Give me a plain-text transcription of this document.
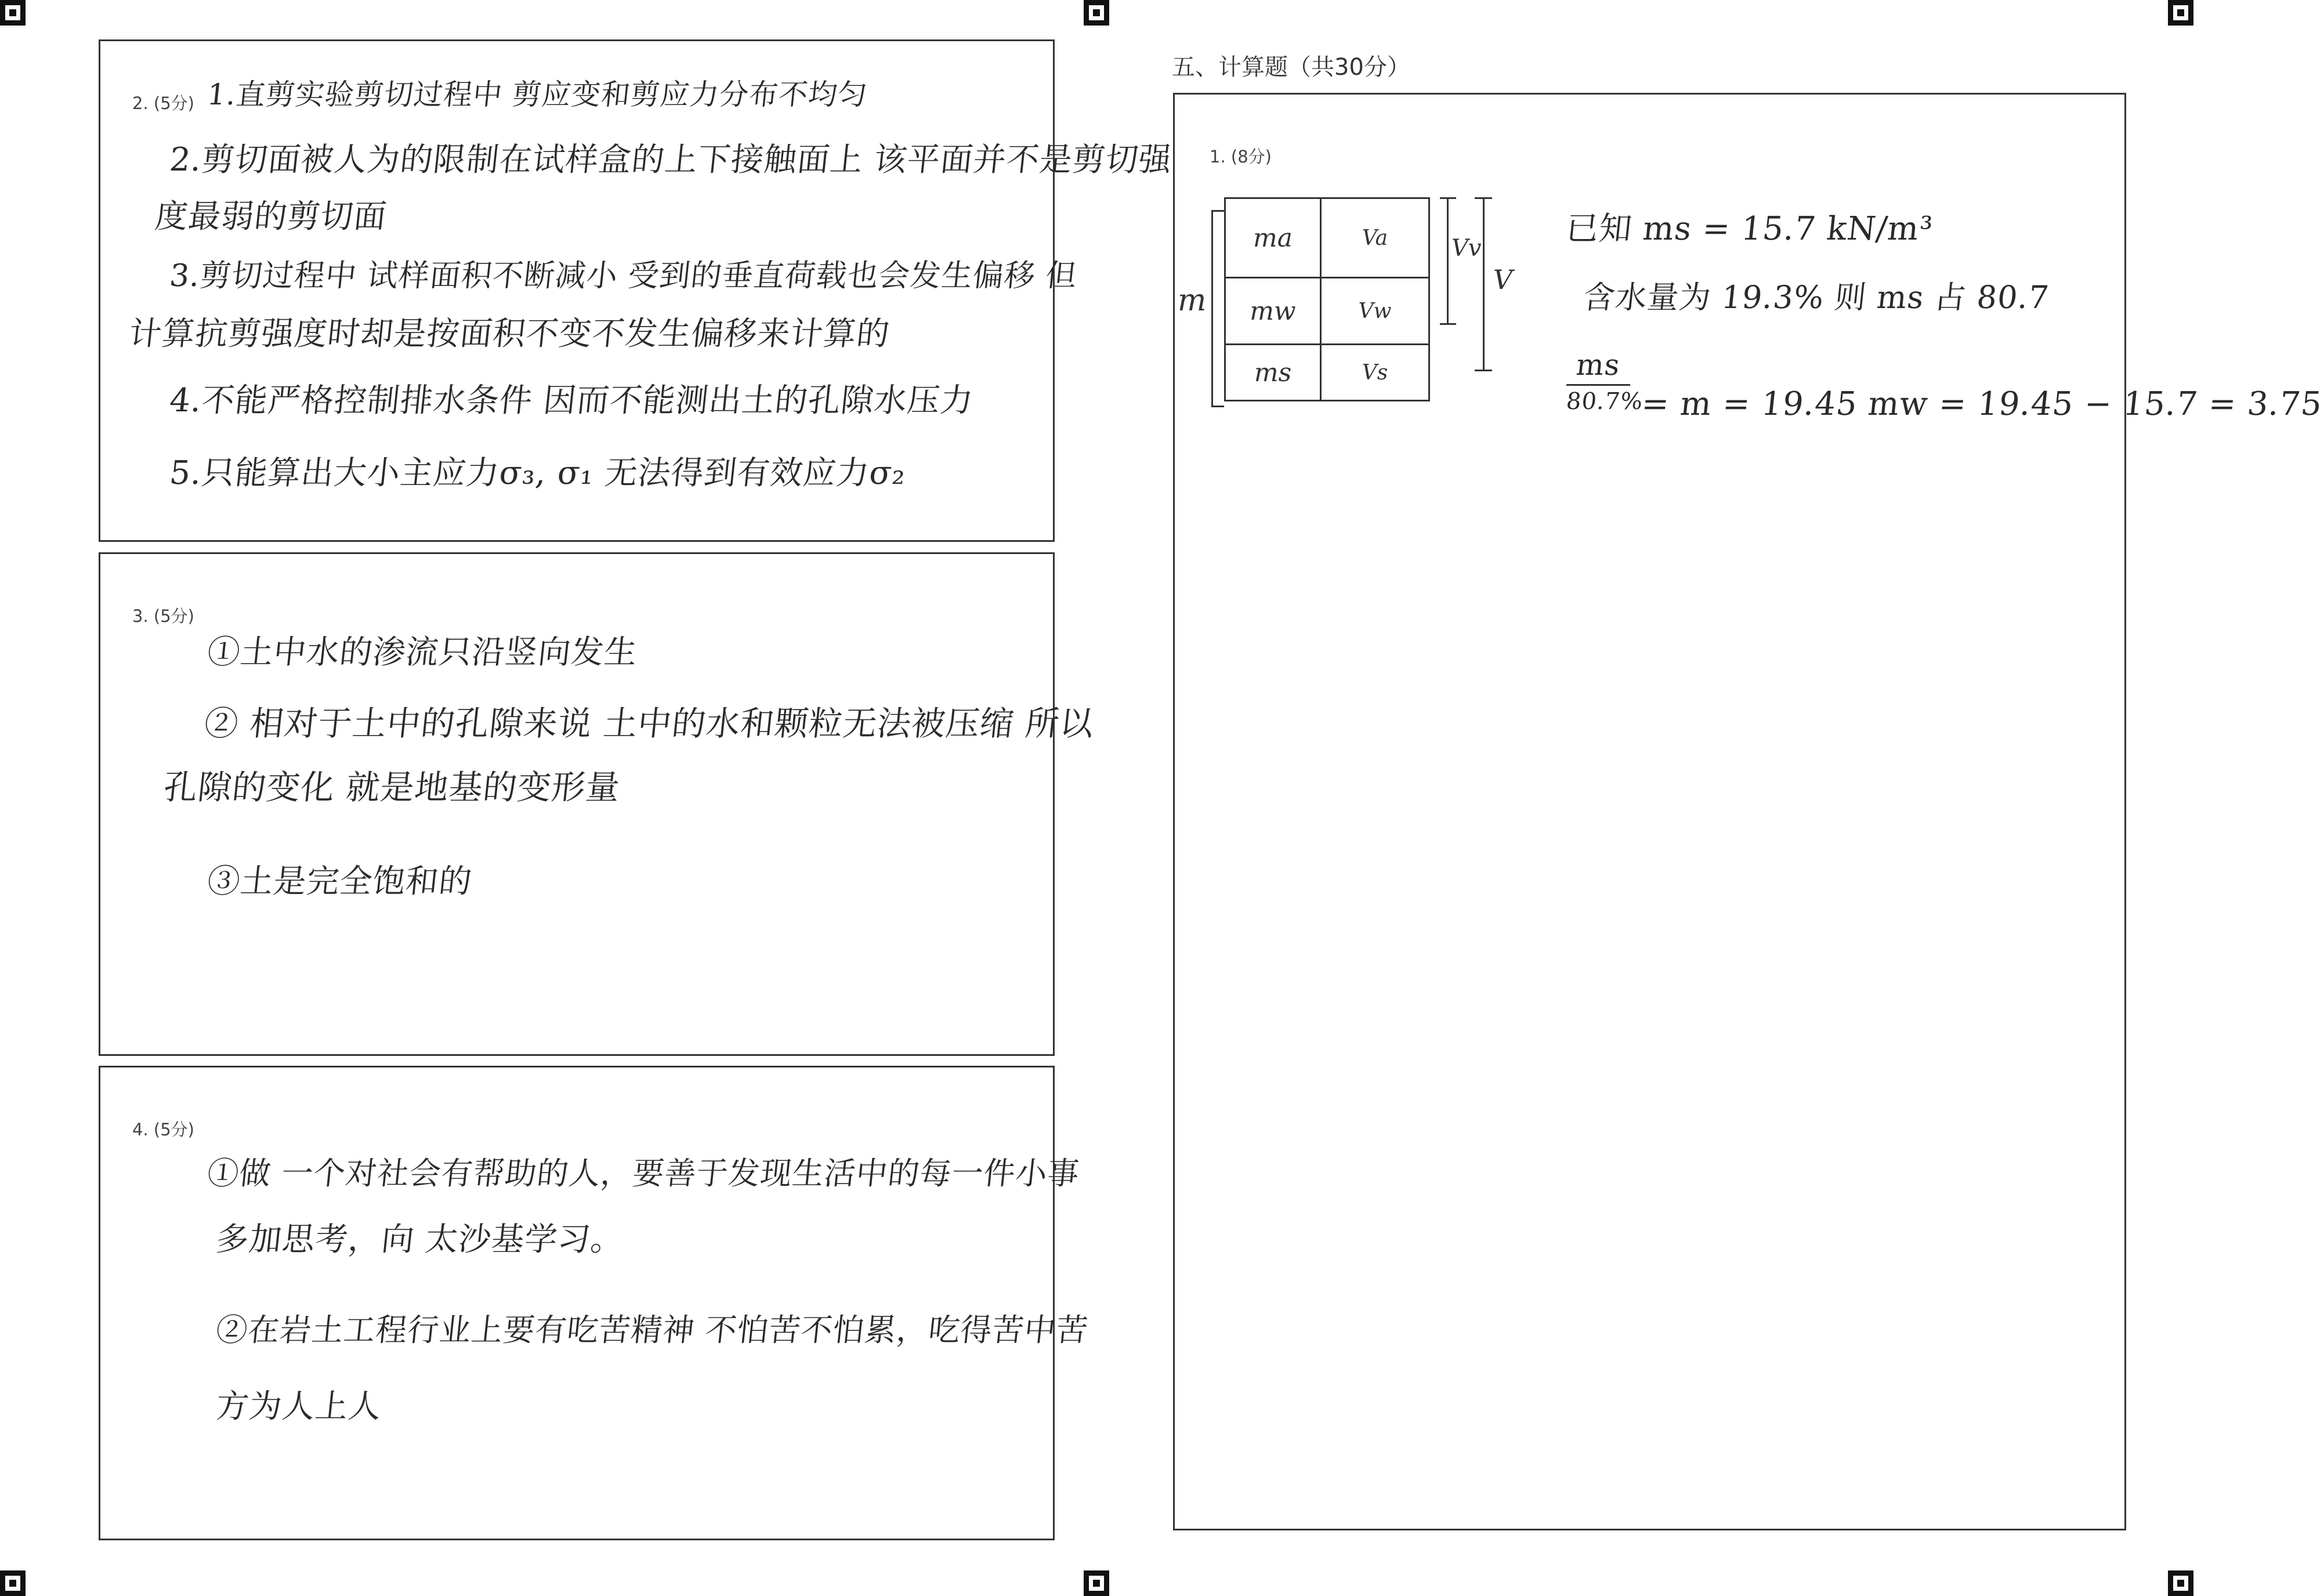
2. (5分) 1.直剪实验剪切过程中 剪应变和剪应力分布不均匀
2.剪切面被人为的限制在试样盒的上下接触面上 该平面并不是剪切强
度最弱的剪切面
3.剪切过程中 试样面积不断减小 受到的垂直荷载也会发生偏移 但
计算抗剪强度时却是按面积不变不发生偏移来计算的
4.不能严格控制排水条件 因而不能测出土的孔隙水压力
5.只能算出大小主应力σ₃, σ₁ 无法得到有效应力σ₂
3. (5分)
①土中水的渗流只沿竖向发生
② 相对于土中的孔隙来说 土中的水和颗粒无法被压缩 所以
孔隙的变化 就是地基的变形量
③土是完全饱和的
4. (5分)
①做 一个对社会有帮助的人，要善于发现生活中的每一件小事
多加思考，向 太沙基学习。
②在岩土工程行业上要有吃苦精神 不怕苦不怕累，吃得苦中苦
方为人上人
五、计算题（共30分）
1. (8分)
m
ma	Va
mw	Vw
ms	Vs
Vv
V
已知 ms = 15.7 kN/m³
含水量为 19.3% 则 ms 占 80.7
ms
80.7%
= m = 19.45 mw = 19.45 − 15.7 = 3.75
